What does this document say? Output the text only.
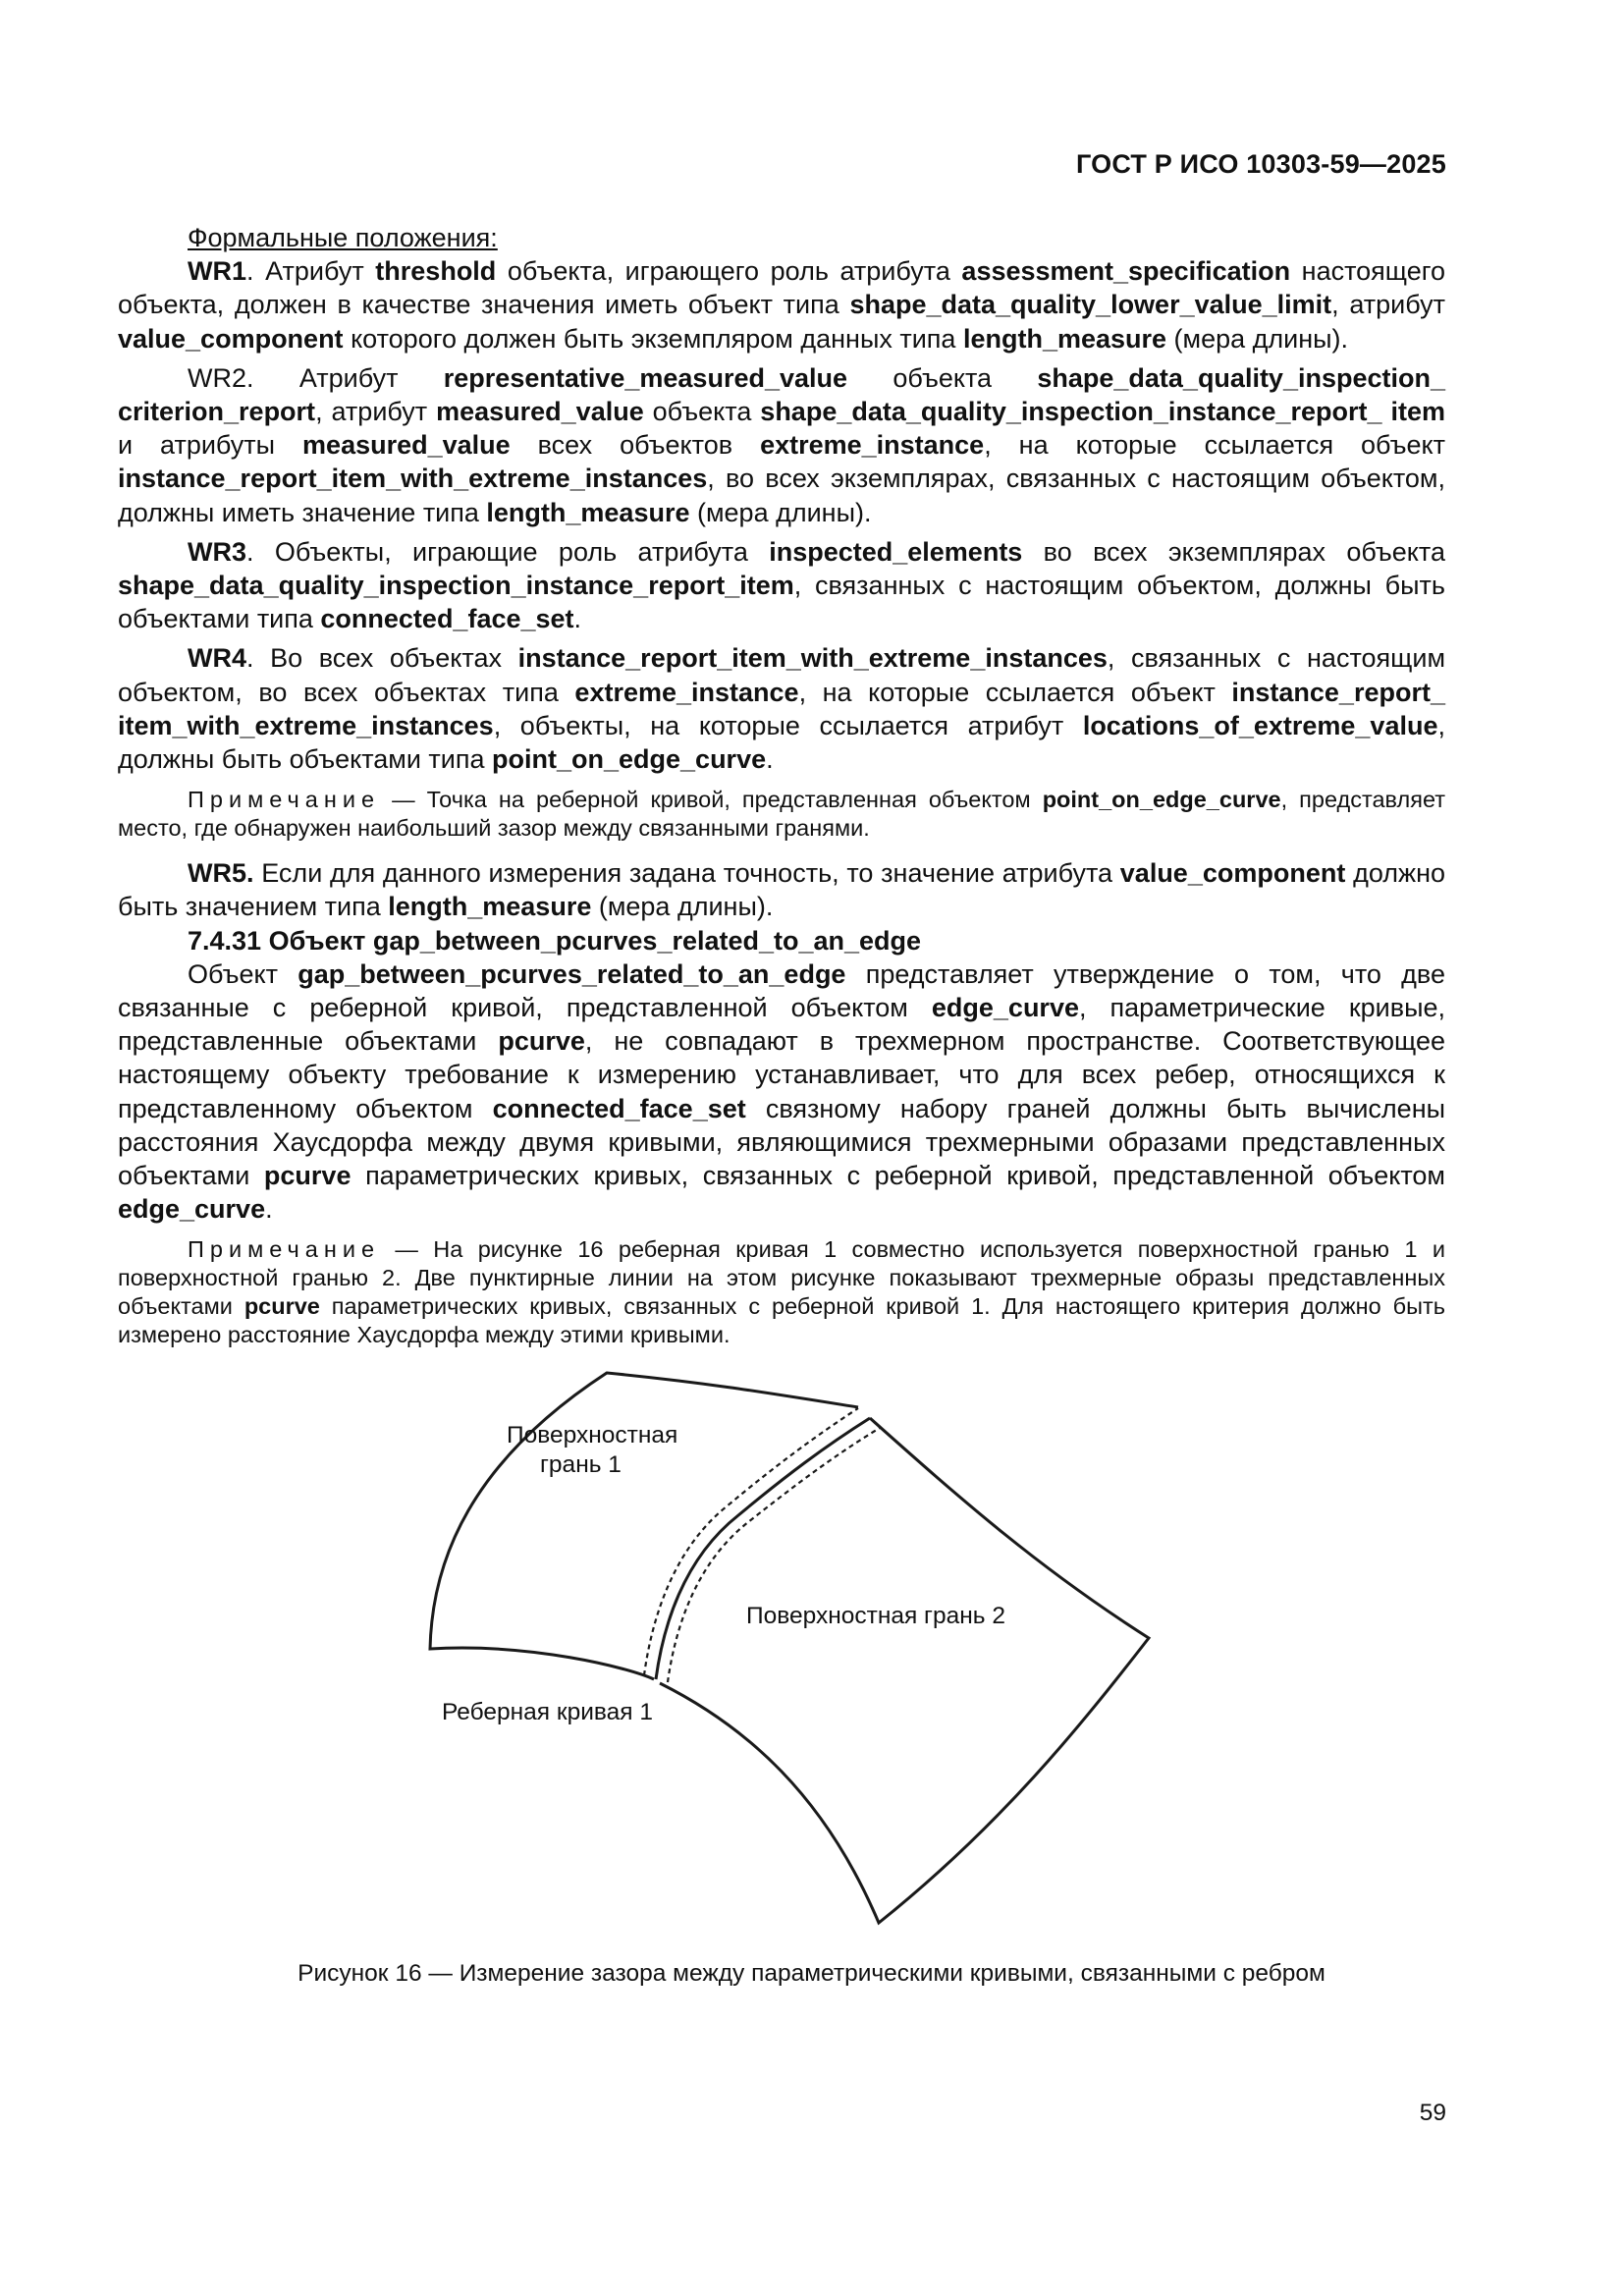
ГОСТ Р ИСО 10303-59—2025

Формальные положения:

WR1. Атрибут threshold объекта, играющего роль атрибута assessment_specification настоящего объекта, должен в качестве значения иметь объект типа shape_data_quality_lower_value_limit, атрибут value_component которого должен быть экземпляром данных типа length_measure (мера длины).

WR2. Атрибут representative_measured_value объекта shape_data_quality_inspection_ criterion_report, атрибут measured_value объекта shape_data_quality_inspection_instance_report_ item и атрибуты measured_value всех объектов extreme_instance, на которые ссылается объект instance_report_item_with_extreme_instances, во всех экземплярах, связанных с настоящим объектом, должны иметь значение типа length_measure (мера длины).

WR3. Объекты, играющие роль атрибута inspected_elements во всех экземплярах объекта shape_data_quality_inspection_instance_report_item, связанных с настоящим объектом, должны быть объектами типа connected_face_set.

WR4. Во всех объектах instance_report_item_with_extreme_instances, связанных с настоящим объектом, во всех объектах типа extreme_instance, на которые ссылается объект instance_report_ item_with_extreme_instances, объекты, на которые ссылается атрибут locations_of_extreme_value, должны быть объектами типа point_on_edge_curve.

Примечание — Точка на реберной кривой, представленная объектом point_on_edge_curve, представляет место, где обнаружен наибольший зазор между связанными гранями.

WR5. Если для данного измерения задана точность, то значение атрибута value_component должно быть значением типа length_measure (мера длины).

7.4.31 Объект gap_between_pcurves_related_to_an_edge

Объект gap_between_pcurves_related_to_an_edge представляет утверждение о том, что две связанные с реберной кривой, представленной объектом edge_curve, параметрические кривые, представленные объектами pcurve, не совпадают в трехмерном пространстве. Соответствующее настоящему объекту требование к измерению устанавливает, что для всех ребер, относящихся к представленному объектом connected_face_set связному набору граней должны быть вычислены расстояния Хаусдорфа между двумя кривыми, являющимися трехмерными образами представленных объектами pcurve параметрических кривых, связанных с реберной кривой, представленной объектом edge_curve.

Примечание — На рисунке 16 реберная кривая 1 совместно используется поверхностной гранью 1 и поверхностной гранью 2. Две пунктирные линии на этом рисунке показывают трехмерные образы представленных объектами pcurve параметрических кривых, связанных с реберной кривой 1. Для настоящего критерия должно быть измерено расстояние Хаусдорфа между этими кривыми.

Поверхностная
грань 1
Поверхностная грань 2
Реберная кривая 1
Рисунок 16 — Измерение зазора между параметрическими кривыми, связанными с ребром
59
